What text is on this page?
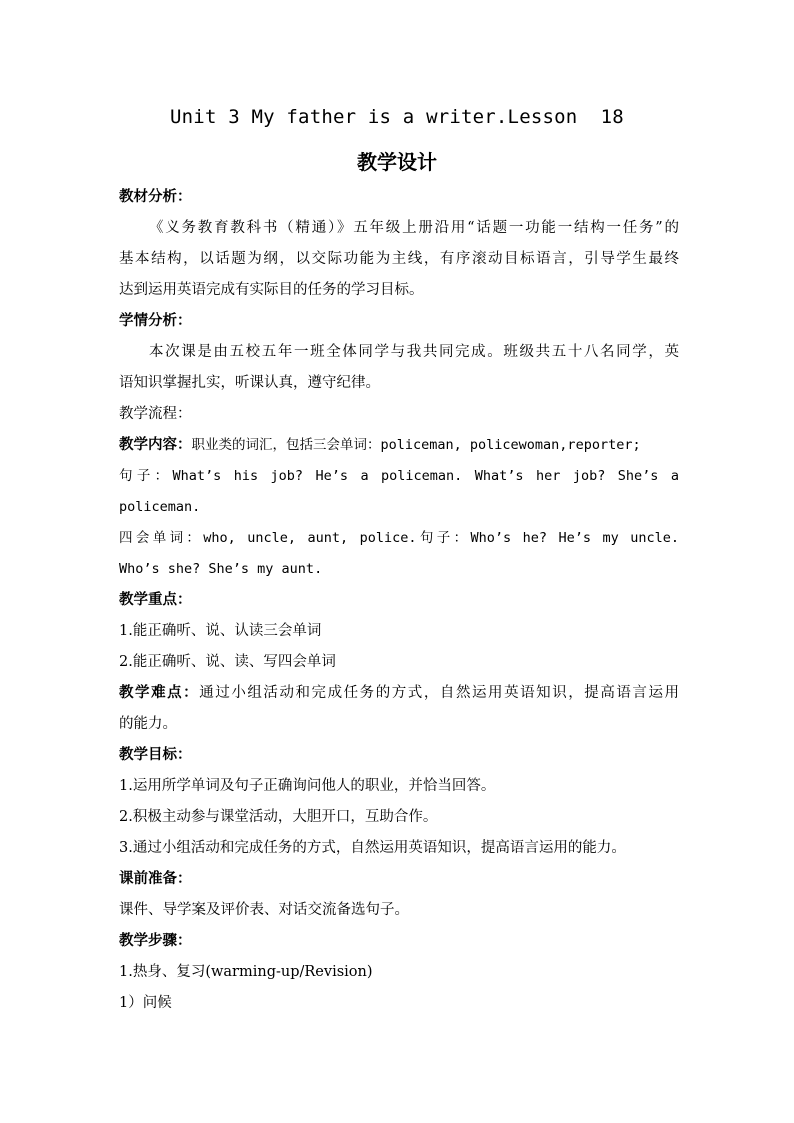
Unit 3 My father is a writer.Lesson  18
教学设计
教材分析：
《义务教育教科书（精通）》五年级上册沿用“话题一功能一结构一任务”的
基本结构，以话题为纲，以交际功能为主线，有序滚动目标语言，引导学生最终
达到运用英语完成有实际目的任务的学习目标。
学情分析：
本次课是由五校五年一班全体同学与我共同完成。班级共五十八名同学，英
语知识掌握扎实，听课认真，遵守纪律。
教学流程：
教学内容：职业类的词汇，包括三会单词：policeman, policewoman,reporter;
句子：What’s his job? He’s a policeman. What’s her job? She’s a
policeman.
四会单词：who, uncle, aunt, police.句子：Who’s he? He’s my uncle.
Who’s she? She’s my aunt.
教学重点：
1.能正确听、说、认读三会单词
2.能正确听、说、读、写四会单词
教学难点：通过小组活动和完成任务的方式，自然运用英语知识，提高语言运用
的能力。
教学目标：
1.运用所学单词及句子正确询问他人的职业，并恰当回答。
2.积极主动参与课堂活动，大胆开口，互助合作。
3.通过小组活动和完成任务的方式，自然运用英语知识，提高语言运用的能力。
课前准备：
课件、导学案及评价表、对话交流备选句子。
教学步骤：
1.热身、复习(warming-up/Revision)
1）问候
